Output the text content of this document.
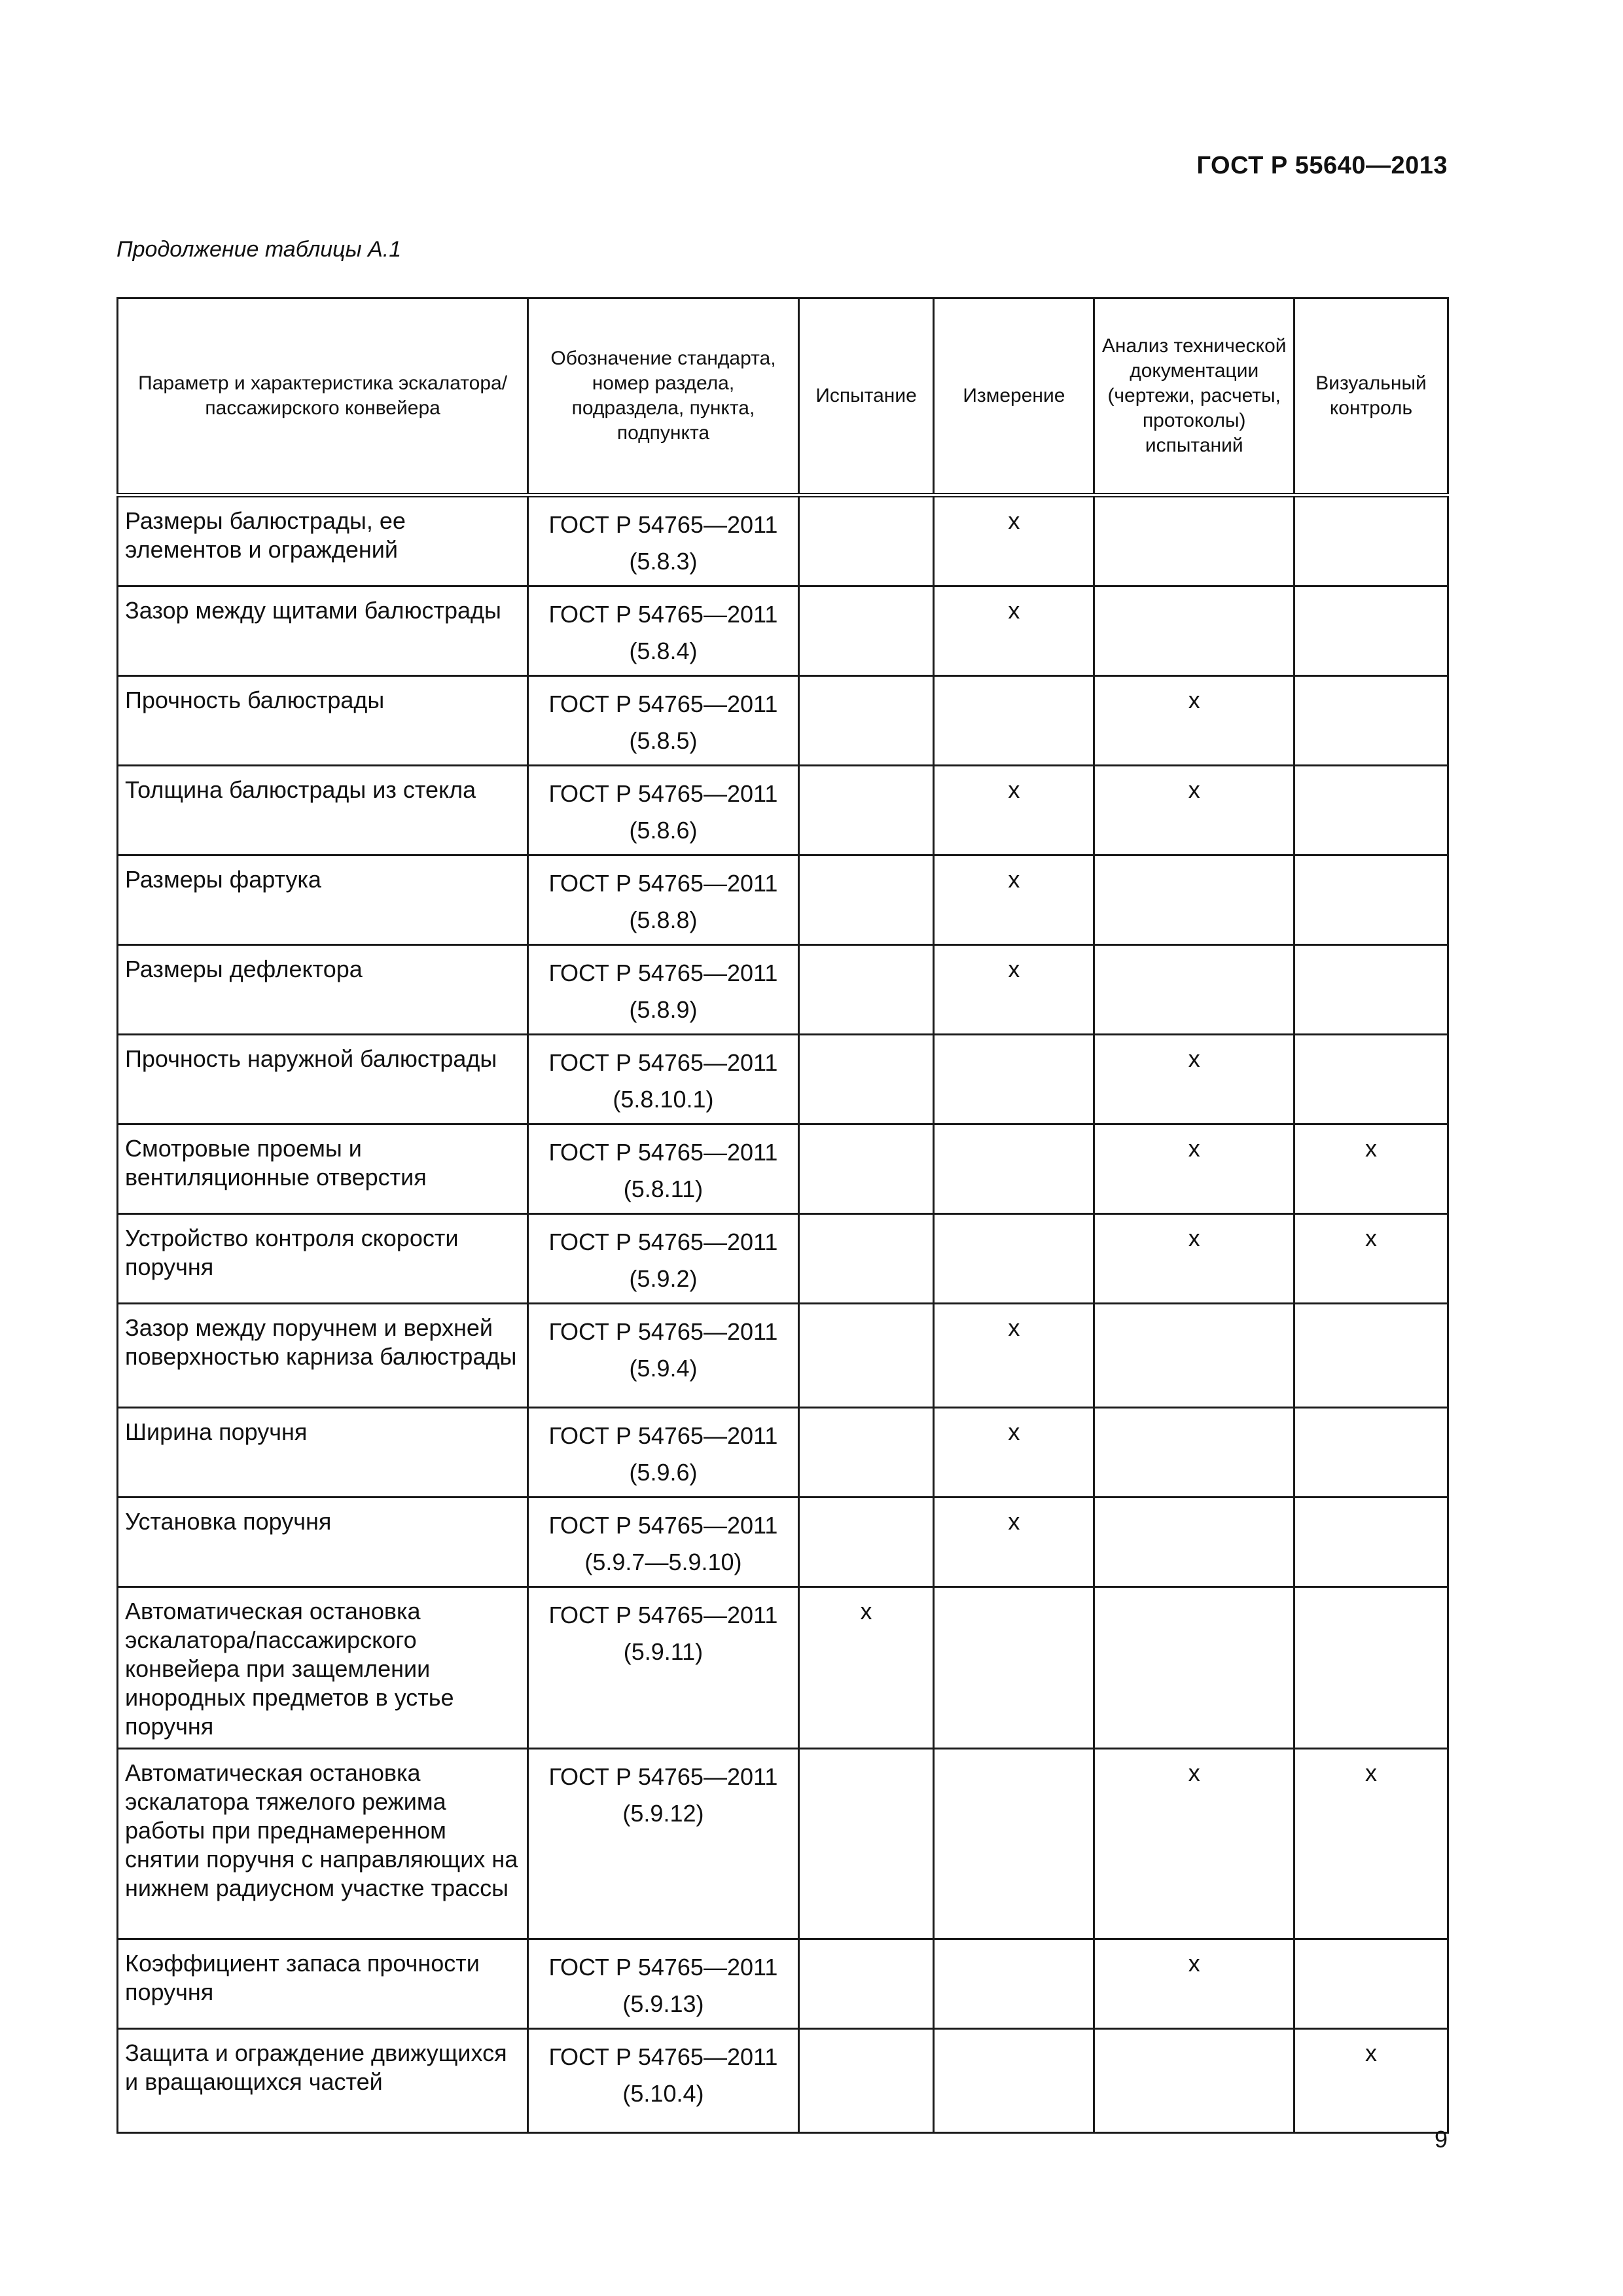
ГОСТ Р 55640—2013
Продолжение таблицы А.1
Параметр и характеристика эскалатора/пассажирского конвейера	Обозначение стандарта, номер раздела, подраздела, пункта, подпункта	Испытание	Измерение	Анализ технической документации (чертежи, расчеты, протоколы) испытаний	Визуальный контроль
Размеры балюстрады, ее элементов и ограждений	ГОСТ Р 54765—2011 (5.8.3)		х		
Зазор между щитами балюстрады	ГОСТ Р 54765—2011 (5.8.4)		х		
Прочность балюстрады	ГОСТ Р 54765—2011 (5.8.5)			х	
Толщина балюстрады из стекла	ГОСТ Р 54765—2011 (5.8.6)		х	х	
Размеры фартука	ГОСТ Р 54765—2011 (5.8.8)		х		
Размеры дефлектора	ГОСТ Р 54765—2011 (5.8.9)		х		
Прочность наружной балюстрады	ГОСТ Р 54765—2011 (5.8.10.1)			х	
Смотровые проемы и вентиляционные отверстия	ГОСТ Р 54765—2011 (5.8.11)			х	х
Устройство контроля скорости поручня	ГОСТ Р 54765—2011 (5.9.2)			х	х
Зазор между поручнем и верхней поверхностью карниза балюстрады	ГОСТ Р 54765—2011 (5.9.4)		х		
Ширина поручня	ГОСТ Р 54765—2011 (5.9.6)		х		
Установка поручня	ГОСТ Р 54765—2011 (5.9.7—5.9.10)		х		
Автоматическая остановка эскалатора/пассажирского конвейера при защемлении инородных предметов в устье поручня	ГОСТ Р 54765—2011 (5.9.11)	х			
Автоматическая остановка эскалатора тяжелого режима работы при преднамеренном снятии поручня с направляющих на нижнем радиусном участке трассы	ГОСТ Р 54765—2011 (5.9.12)			х	х
Коэффициент запаса прочности поручня	ГОСТ Р 54765—2011 (5.9.13)			х	
Защита и ограждение движущихся и вращающихся частей	ГОСТ Р 54765—2011 (5.10.4)				х
9
